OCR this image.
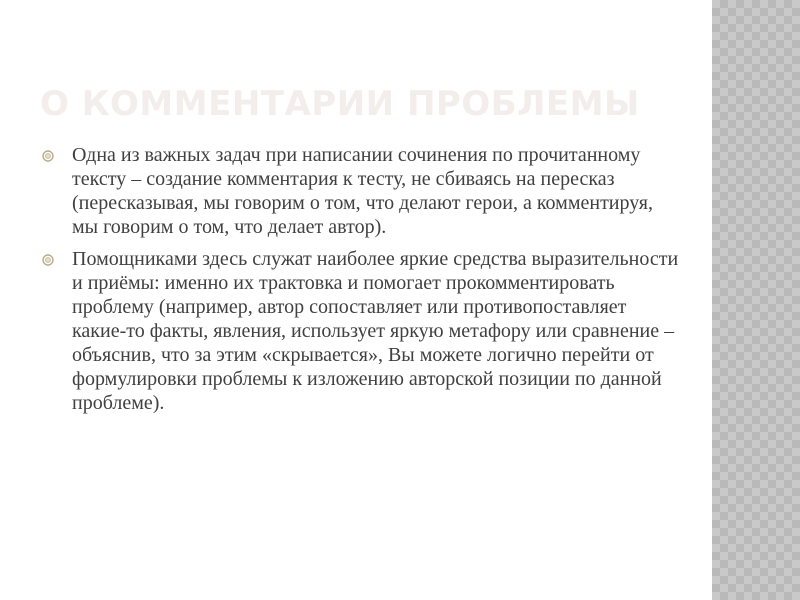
О КОММЕНТАРИИ ПРОБЛЕМЫ
Одна из важных задач при написании сочинения по прочитанному тексту – создание комментария к тесту, не сбиваясь на пересказ (пересказывая, мы говорим о том, что делают герои, а комментируя, мы говорим о том, что делает автор).
Помощниками здесь служат наиболее яркие средства выразительности и приёмы: именно их трактовка и помогает прокомментировать проблему (например, автор сопоставляет или противопоставляет какие-то факты, явления, использует яркую метафору или сравнение – объяснив, что за этим «скрывается», Вы можете логично перейти от формулировки проблемы к изложению авторской позиции по данной проблеме).
